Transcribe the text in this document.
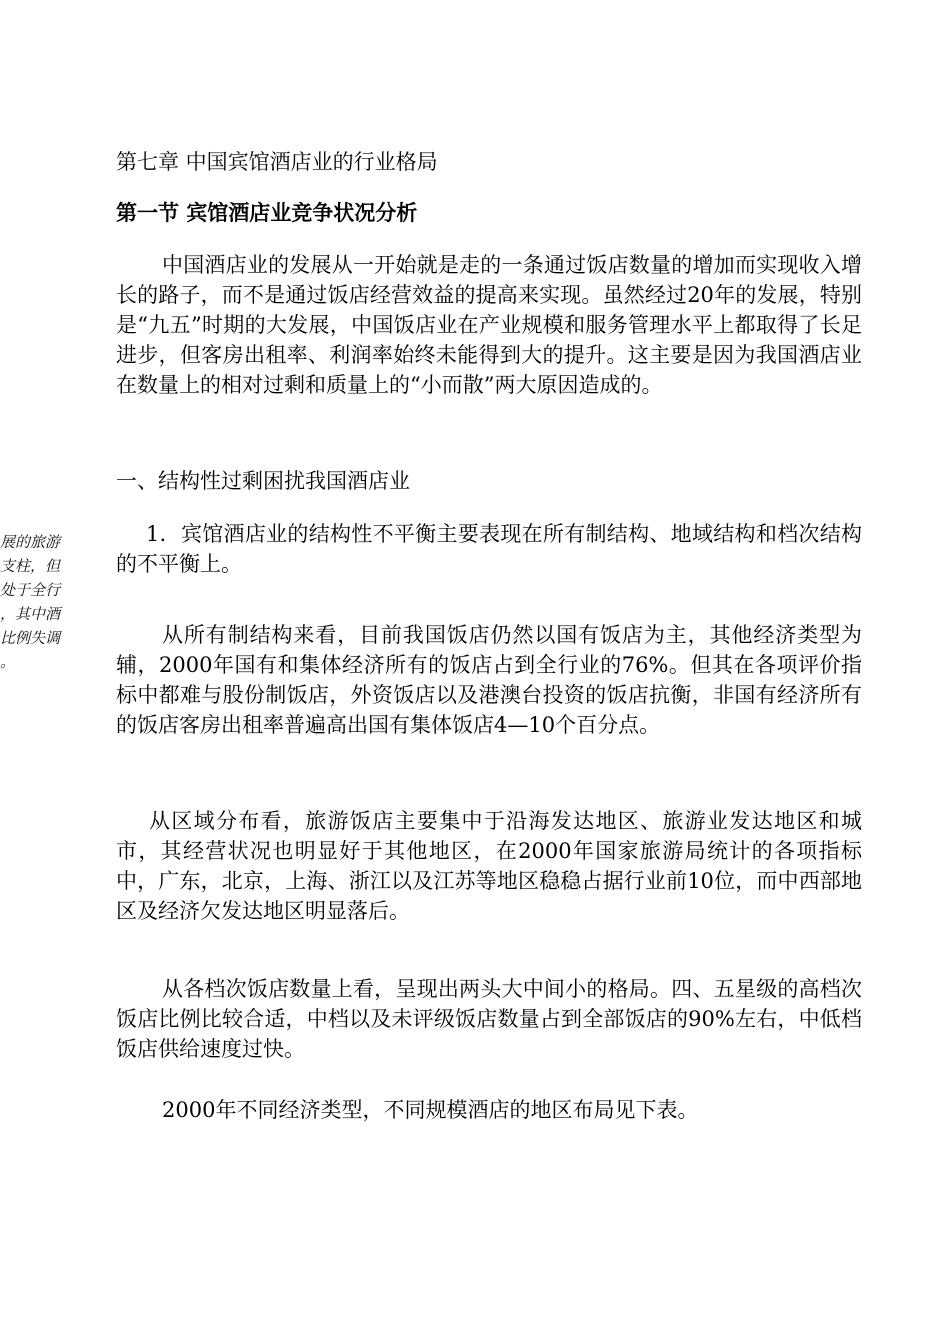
展的旅游
支柱，但
处于全行
，其中酒
比例失调
。
第七章 中国宾馆酒店业的行业格局
第一节 宾馆酒店业竞争状况分析

中国酒店业的发展从一开始就是走的一条通过饭店数量的增加而实现收入增长的路子，而不是通过饭店经营效益的提高来实现。虽然经过20年的发展，特别是“九五”时期的大发展，中国饭店业在产业规模和服务管理水平上都取得了长足进步，但客房出租率、利润率始终未能得到大的提升。这主要是因为我国酒店业在数量上的相对过剩和质量上的“小而散”两大原因造成的。

一、结构性过剩困扰我国酒店业

1．宾馆酒店业的结构性不平衡主要表现在所有制结构、地域结构和档次结构的不平衡上。

从所有制结构来看，目前我国饭店仍然以国有饭店为主，其他经济类型为辅，2000年国有和集体经济所有的饭店占到全行业的76%。但其在各项评价指标中都难与股份制饭店，外资饭店以及港澳台投资的饭店抗衡，非国有经济所有的饭店客房出租率普遍高出国有集体饭店4—10个百分点。

从区域分布看，旅游饭店主要集中于沿海发达地区、旅游业发达地区和城市，其经营状况也明显好于其他地区，在2000年国家旅游局统计的各项指标中，广东，北京，上海、浙江以及江苏等地区稳稳占据行业前10位，而中西部地区及经济欠发达地区明显落后。

从各档次饭店数量上看，呈现出两头大中间小的格局。四、五星级的高档次饭店比例比较合适，中档以及未评级饭店数量占到全部饭店的90%左右，中低档饭店供给速度过快。

2000年不同经济类型，不同规模酒店的地区布局见下表。
